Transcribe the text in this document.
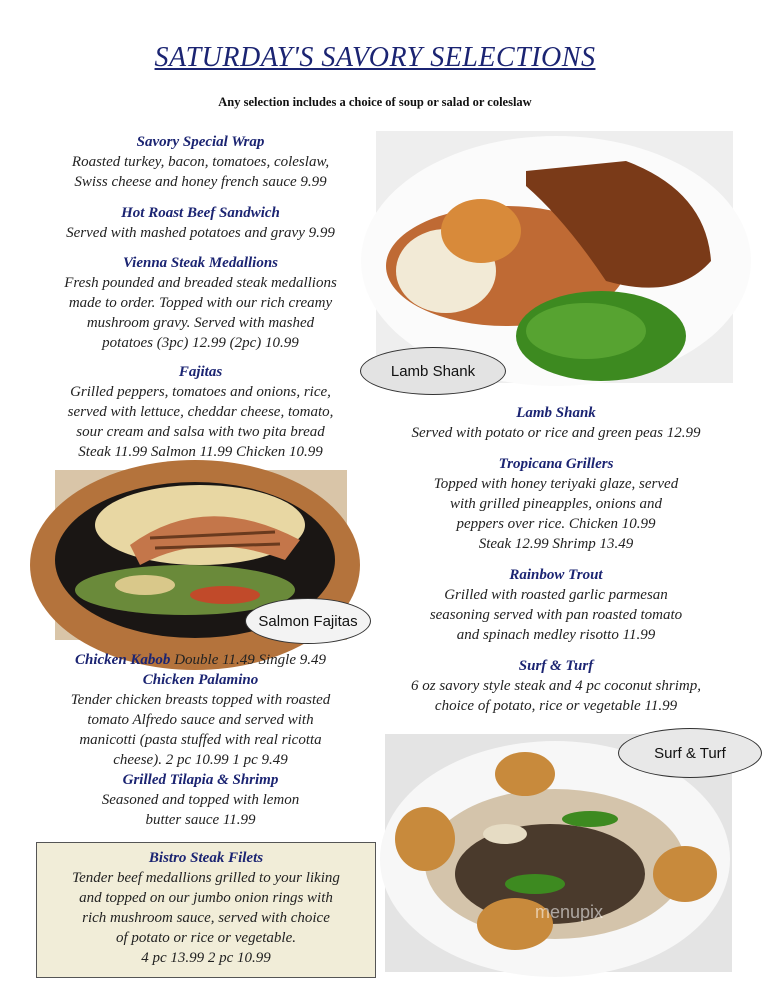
SATURDAY'S SAVORY SELECTIONS
Any selection includes a choice of soup or salad or coleslaw
Savory Special Wrap
Roasted turkey, bacon, tomatoes, coleslaw,
Swiss cheese and honey french sauce 9.99
Hot Roast Beef Sandwich
Served with mashed potatoes and gravy 9.99
Vienna Steak Medallions
Fresh pounded and breaded steak medallions
made to order. Topped with our rich creamy
mushroom gravy. Served with mashed
potatoes (3pc) 12.99 (2pc) 10.99
Fajitas
Grilled peppers, tomatoes and onions, rice,
served with lettuce, cheddar cheese, tomato,
sour cream and salsa with two pita bread
Steak 11.99 Salmon 11.99 Chicken 10.99
Salmon Fajitas
Chicken Kabob Double 11.49 Single 9.49
Chicken Palamino
Tender chicken breasts topped with roasted
tomato Alfredo sauce and served with
manicotti (pasta stuffed with real ricotta
cheese). 2 pc 10.99 1 pc 9.49
Grilled Tilapia & Shrimp
Seasoned and topped with lemon
butter sauce 11.99
Bistro Steak Filets
Tender beef medallions grilled to your liking
and topped on our jumbo onion rings with
rich mushroom sauce, served with choice
of potato or rice or vegetable.
4 pc 13.99 2 pc 10.99
Lamb Shank
Lamb Shank
Served with potato or rice and green peas 12.99
Tropicana Grillers
Topped with honey teriyaki glaze, served
with grilled pineapples, onions and
peppers over rice. Chicken 10.99
Steak 12.99 Shrimp 13.49
Rainbow Trout
Grilled with roasted garlic parmesan
seasoning served with pan roasted tomato
and spinach medley risotto 11.99
Surf & Turf
6 oz savory style steak and 4 pc coconut shrimp,
choice of potato, rice or vegetable 11.99
menupix
Surf & Turf
